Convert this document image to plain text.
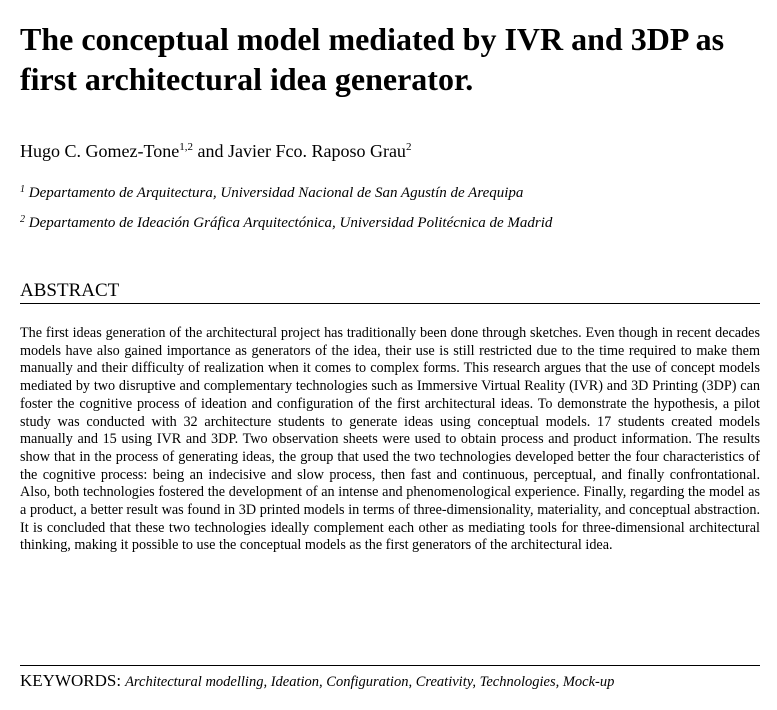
The conceptual model mediated by IVR and 3DP as first architectural idea generator.
Hugo C. Gomez-Tone$^{1,2}$ and Javier Fco. Raposo Grau$^2$
$^1$ Departamento de Arquitectura, Universidad Nacional de San Agustín de Arequipa
$^2$ Departamento de Ideación Gráfica Arquitectónica, Universidad Politécnica de Madrid
ABSTRACT

The first ideas generation of the architectural project has traditionally been done through sketches. Even though in recent decades models have also gained importance as generators of the idea, their use is still restricted due to the time required to make them manually and their difficulty of realization when it comes to complex forms. This research argues that the use of concept models mediated by two disruptive and complementary technologies such as Immersive Virtual Reality (IVR) and 3D Printing (3DP) can foster the cognitive process of ideation and configuration of the first architectural ideas. To demonstrate the hypothesis, a pilot study was conducted with 32 architecture students to generate ideas using conceptual models. 17 students created models manually and 15 using IVR and 3DP. Two observation sheets were used to obtain process and product information. The results show that in the process of generating ideas, the group that used the two technologies developed better the four characteristics of the cognitive process: being an indecisive and slow process, then fast and continuous, perceptual, and finally confrontational. Also, both technologies fostered the development of an intense and phenomenological experience. Finally, regarding the model as a product, a better result was found in 3D printed models in terms of three-dimensionality, materiality, and conceptual abstraction. It is concluded that these two technologies ideally complement each other as mediating tools for three-dimensional architectural thinking, making it possible to use the conceptual models as the first generators of the architectural idea.

KEYWORDS: Architectural modelling, Ideation, Configuration, Creativity, Technologies, Mock-up
